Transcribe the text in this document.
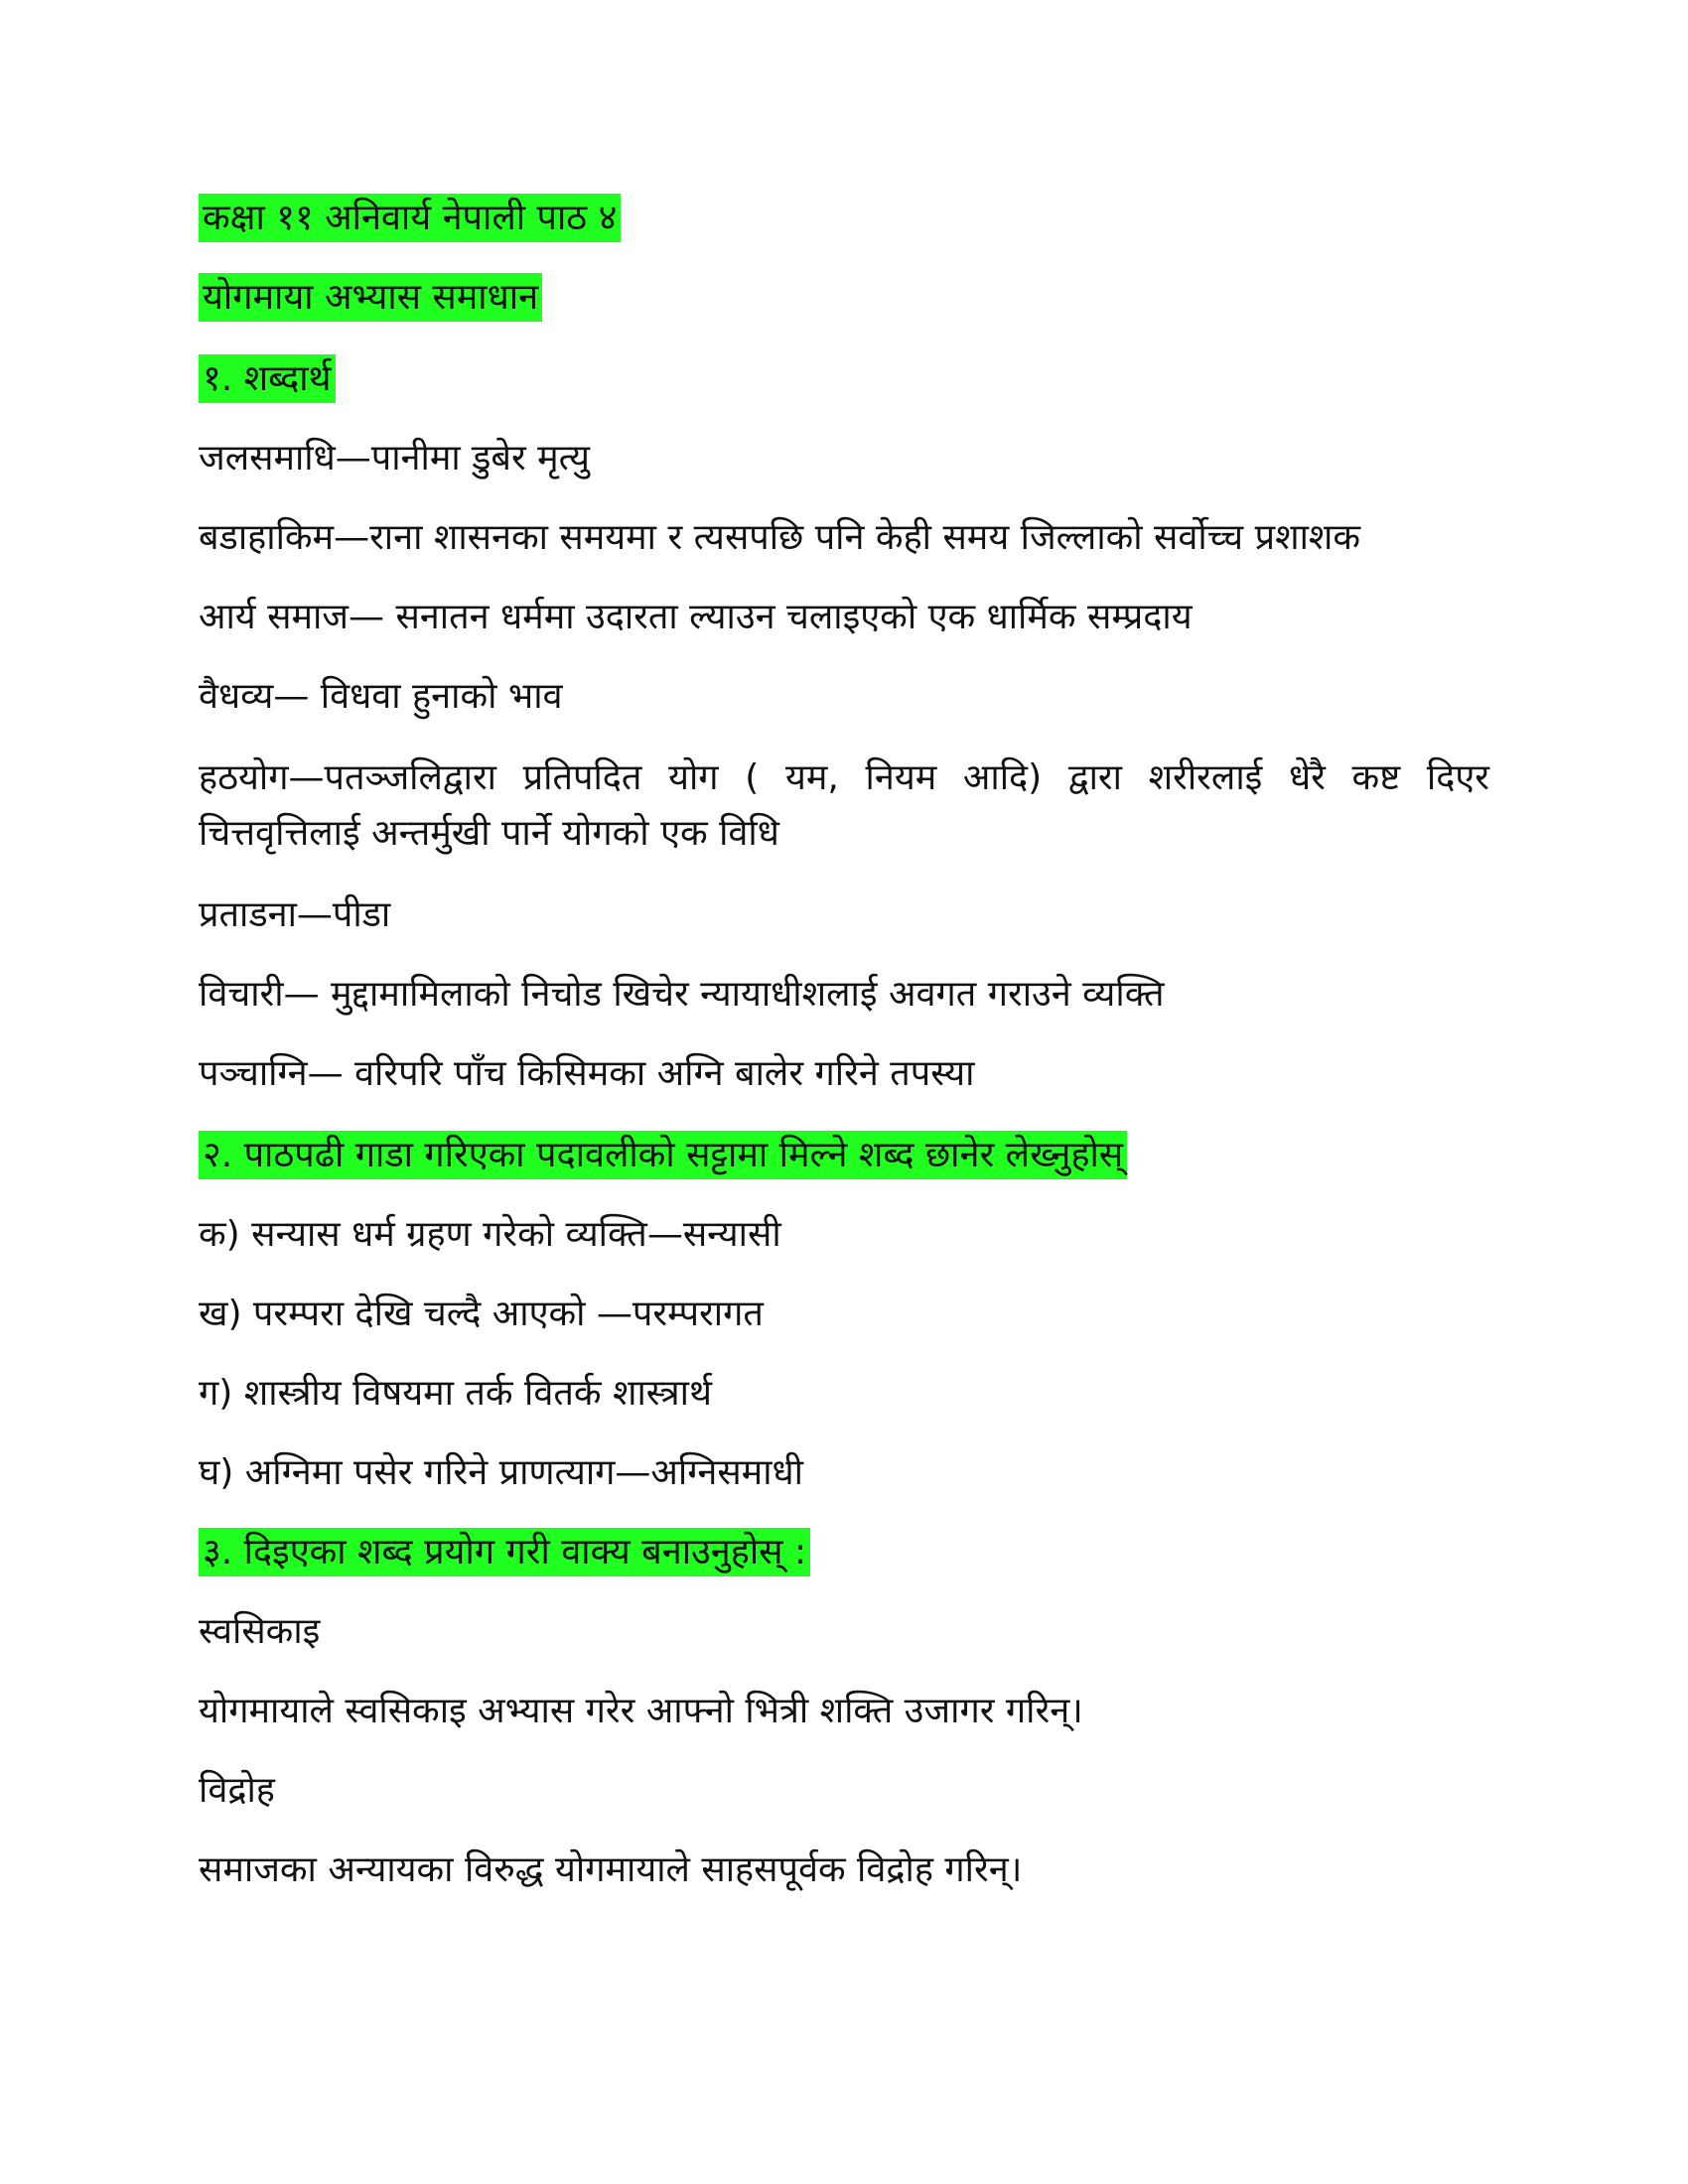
कक्षा ११ अनिवार्य नेपाली पाठ ४
योगमाया अभ्यास समाधान
१. शब्दार्थ
जलसमाधि—पानीमा डुबेर मृत्यु
बडाहाकिम—राना शासनका समयमा र त्यसपछि पनि केही समय जिल्लाको सर्वोच्च प्रशाशक
आर्य समाज— सनातन धर्ममा उदारता ल्याउन चलाइएको एक धार्मिक सम्प्रदाय
वैधव्य— विधवा हुनाको भाव
हठयोग—पतञ्जलिद्वारा प्रतिपदित योग ( यम, नियम आदि) द्वारा शरीरलाई धेरै कष्ट दिएर चित्तवृत्तिलाई अन्तर्मुखी पार्ने योगको एक विधि
प्रताडना—पीडा
विचारी— मुद्दामामिलाको निचोड खिचेर न्यायाधीशलाई अवगत गराउने व्यक्ति
पञ्चाग्नि— वरिपरि पाँच किसिमका अग्नि बालेर गरिने तपस्या
२. पाठपढी गाडा गरिएका पदावलीको सट्टामा मिल्ने शब्द छानेर लेख्नुहोस्
क) सन्यास धर्म ग्रहण गरेको व्यक्ति—सन्यासी
ख) परम्परा देखि चल्दै आएको —परम्परागत
ग) शास्त्रीय विषयमा तर्क वितर्क शास्त्रार्थ
घ) अग्निमा पसेर गरिने प्राणत्याग—अग्निसमाधी
३. दिइएका शब्द प्रयोग गरी वाक्य बनाउनुहोस् :
स्वसिकाइ
योगमायाले स्वसिकाइ अभ्यास गरेर आफ्नो भित्री शक्ति उजागर गरिन्।
विद्रोह
समाजका अन्यायका विरुद्ध योगमायाले साहसपूर्वक विद्रोह गरिन्।
